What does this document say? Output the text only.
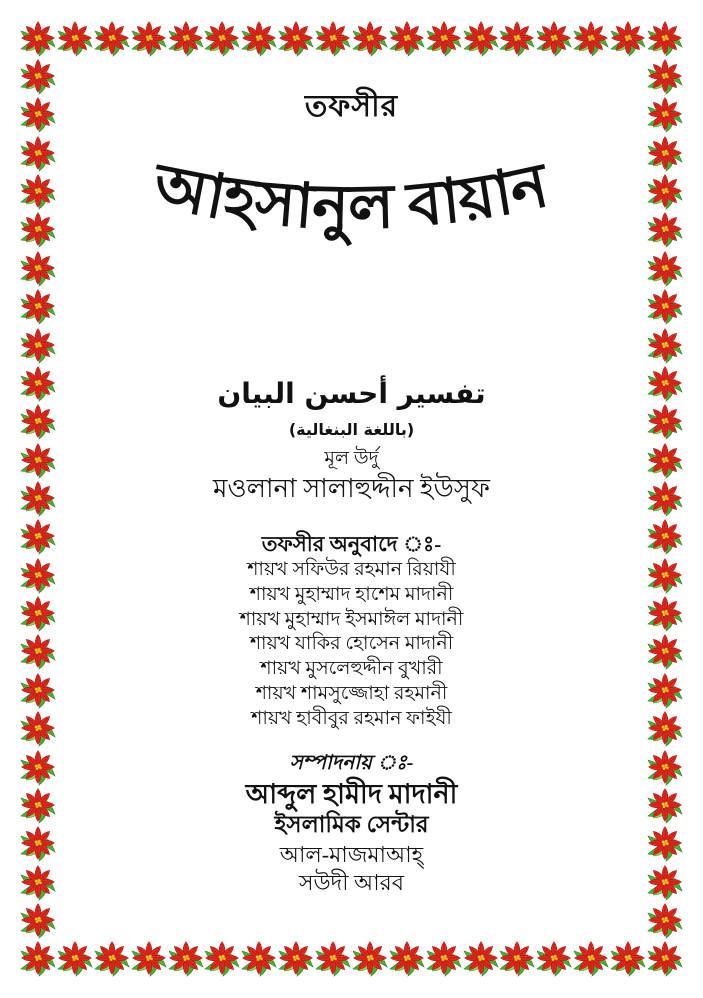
তফসীর
আহসানুল বায়ান
تفسير أحسن البيان
(باللغة البنغالية)
মূল উর্দু
মওলানা সালাহুদ্দীন ইউসুফ
তফসীর অনুবাদে ঃ-
শায়খ সফিউর রহমান রিয়াযী
শায়খ মুহাম্মাদ হাশেম মাদানী
শায়খ মুহাম্মাদ ইসমাঈল মাদানী
শায়খ যাকির হোসেন মাদানী
শায়খ মুসলেহুদ্দীন বুখারী
শায়খ শামসুজ্জোহা রহমানী
শায়খ হাবীবুর রহমান ফাইযী
সম্পাদনায় ঃ-
আব্দুল হামীদ মাদানী
ইসলামিক সেন্টার
আল-মাজমাআহ্
সউদী আরব
